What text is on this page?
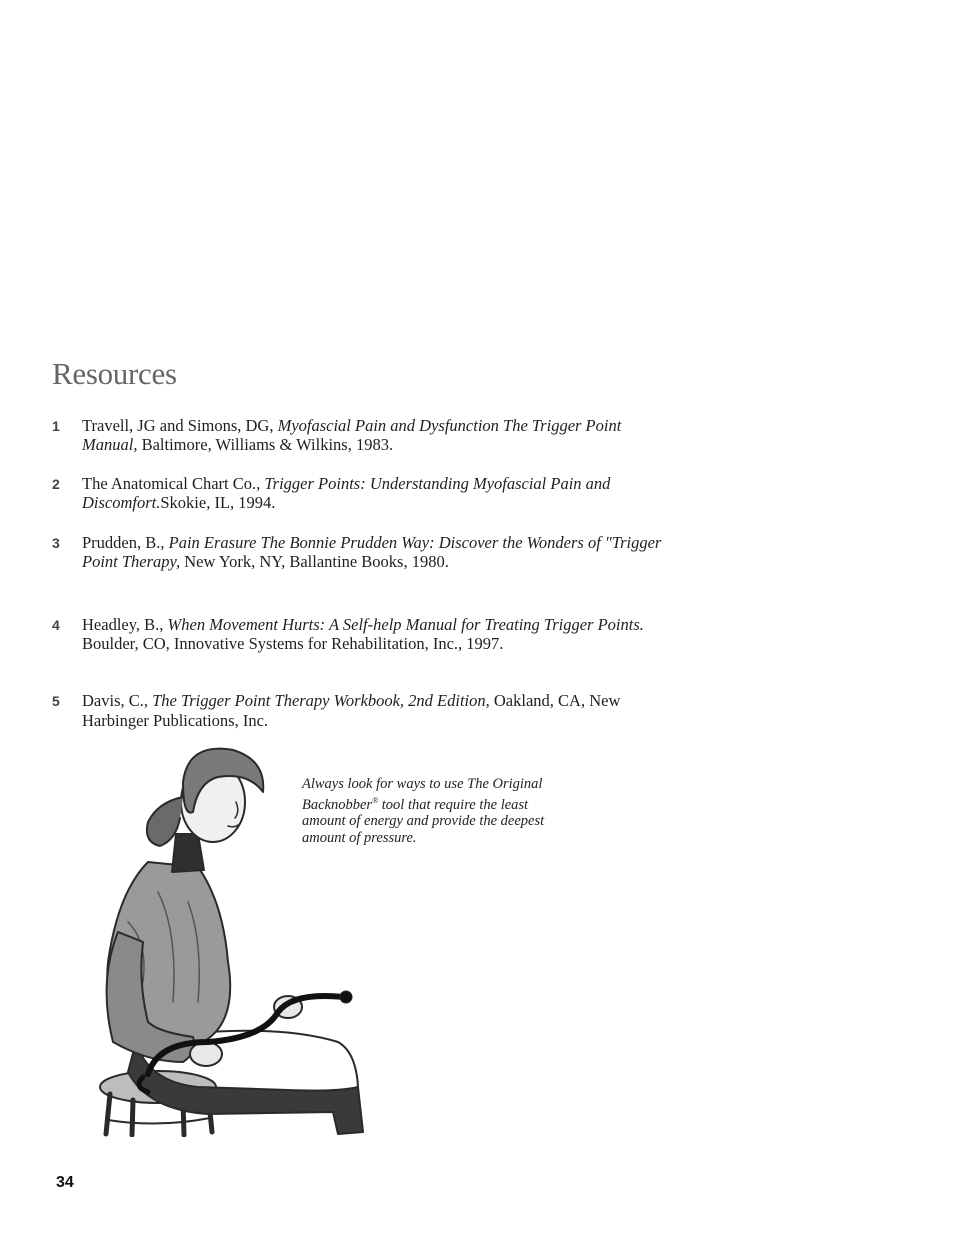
Resources
1 Travell, JG and Simons, DG, Myofascial Pain and Dysfunction The Trigger Point Manual, Baltimore, Williams & Wilkins, 1983.
2 The Anatomical Chart Co., Trigger Points: Understanding Myofascial Pain and Discomfort.Skokie, IL, 1994.
3 Prudden, B., Pain Erasure The Bonnie Prudden Way: Discover the Wonders of "Trigger Point Therapy, New York, NY, Ballantine Books, 1980.
4 Headley, B., When Movement Hurts: A Self-help Manual for Treating Trigger Points. Boulder, CO, Innovative Systems for Rehabilitation, Inc., 1997.
5 Davis, C., The Trigger Point Therapy Workbook, 2nd Edition, Oakland, CA, New Harbinger Publications, Inc.
Always look for ways to use The Original Backnobber® tool that require the least amount of energy and provide the deepest amount of pressure.
34
